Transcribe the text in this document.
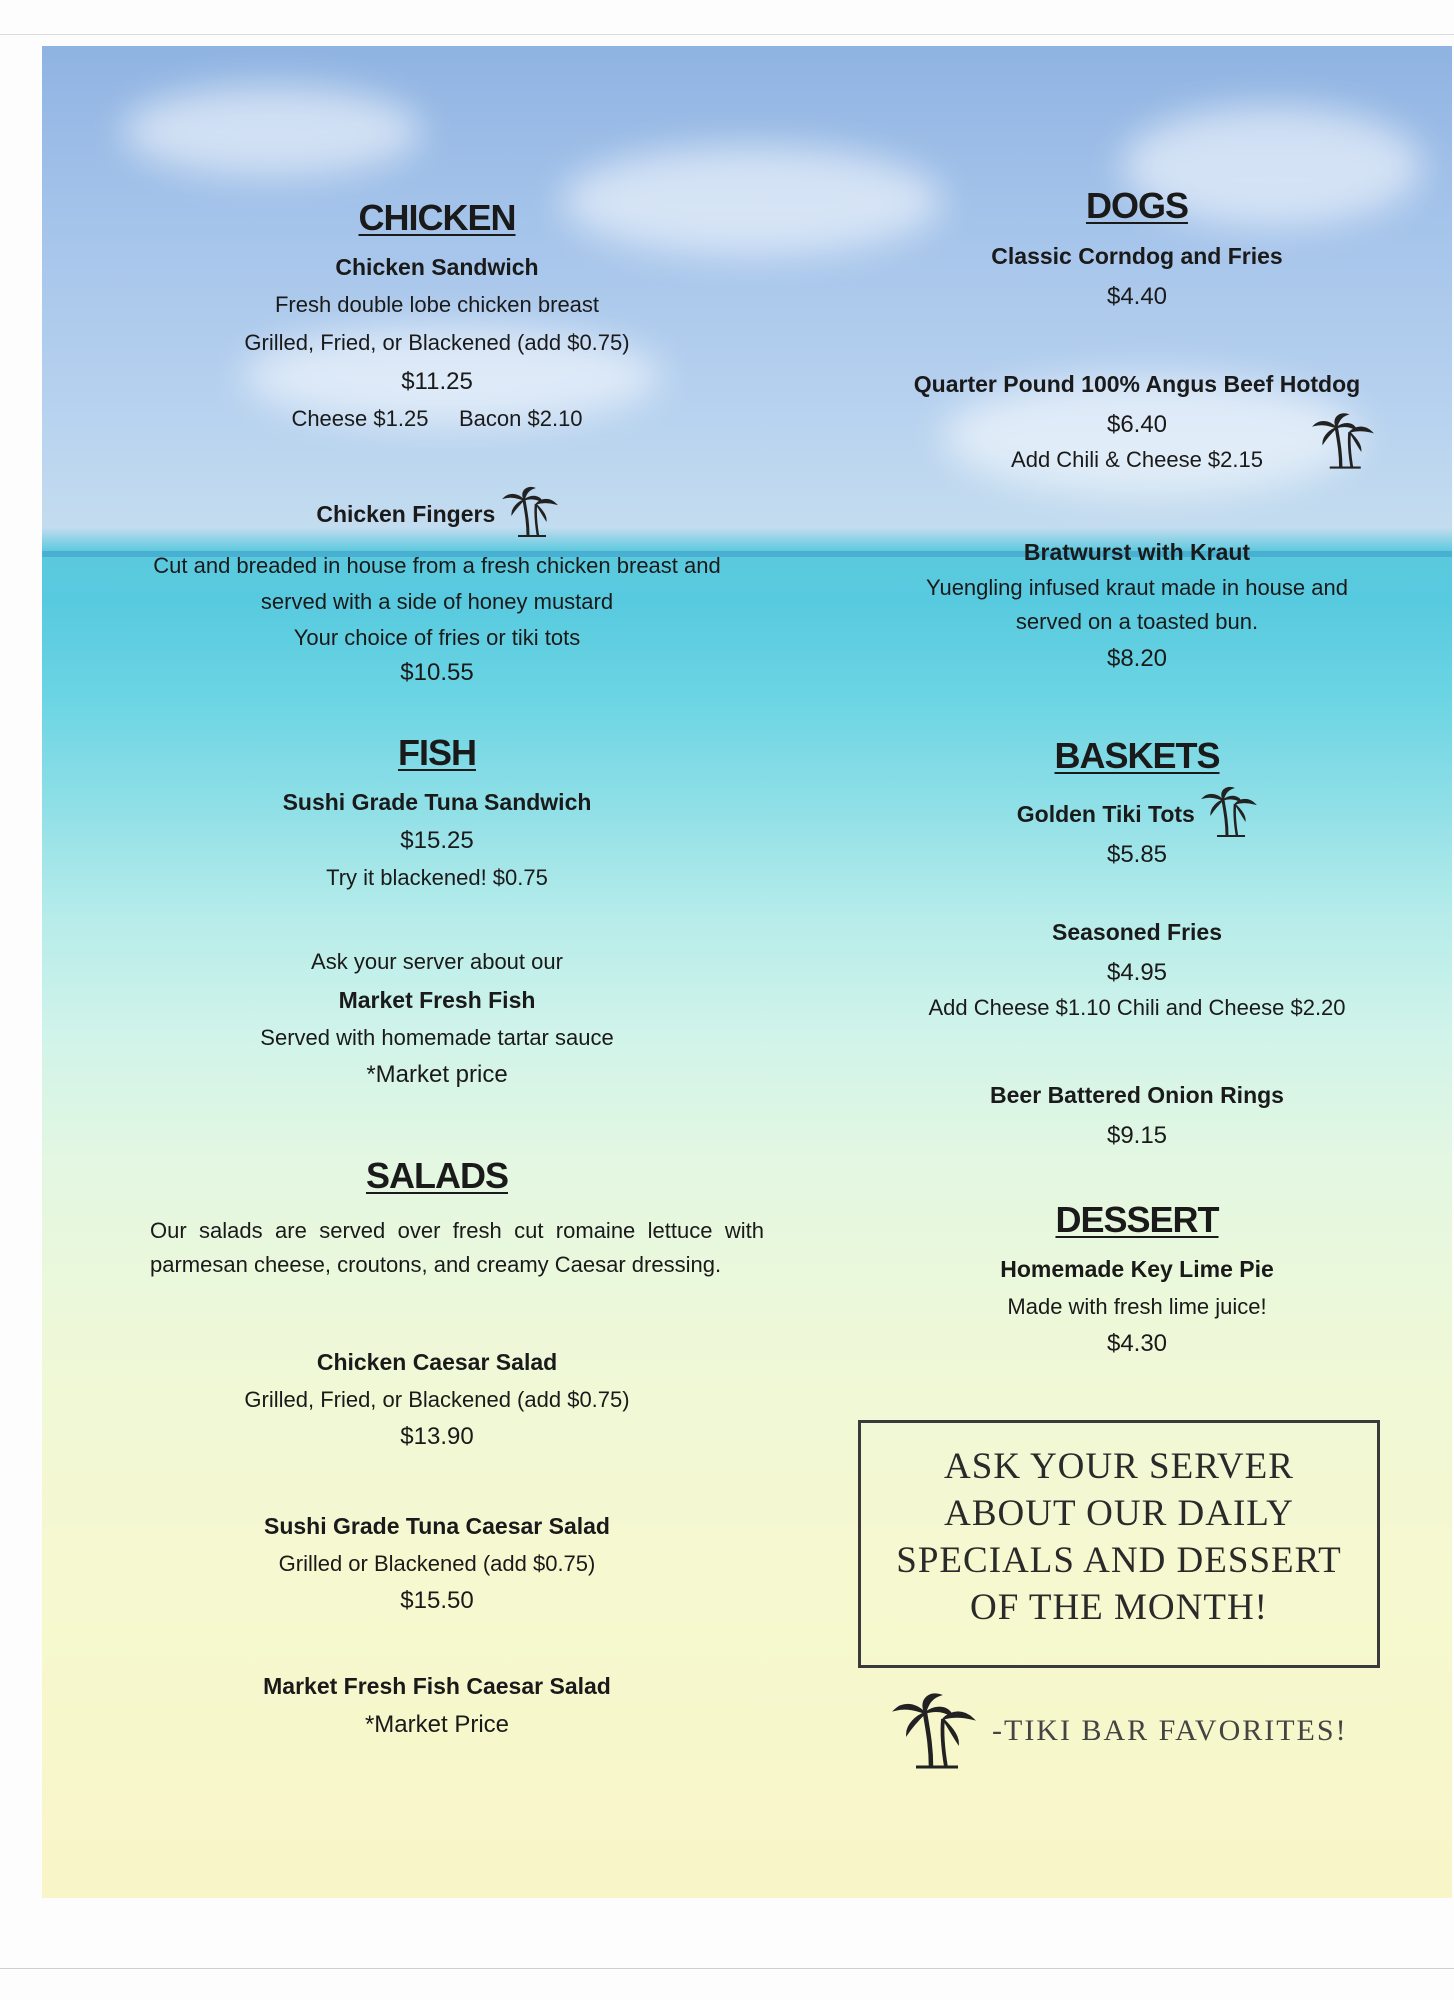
CHICKEN

Chicken Sandwich

Fresh double lobe chicken breast

Grilled, Fried, or Blackened (add $0.75)

$11.25

Cheese $1.25     Bacon $2.10

Chicken Fingers

Cut and breaded in house from a fresh chicken breast and

served with a side of honey mustard

Your choice of fries or tiki tots

$10.55

FISH

Sushi Grade Tuna Sandwich

$15.25

Try it blackened! $0.75

Ask your server about our

Market Fresh Fish

Served with homemade tartar sauce

*Market price

SALADS

Our salads are served over fresh cut romaine lettuce with parmesan cheese, croutons, and creamy Caesar dressing.

Chicken Caesar Salad

Grilled, Fried, or Blackened (add $0.75)

$13.90

Sushi Grade Tuna Caesar Salad

Grilled or Blackened (add $0.75)

$15.50

Market Fresh Fish Caesar Salad

*Market Price

DOGS

Classic Corndog and Fries

$4.40

Quarter Pound 100% Angus Beef Hotdog

$6.40

Add Chili & Cheese $2.15

Bratwurst with Kraut

Yuengling infused kraut made in house and

served on a toasted bun.

$8.20

BASKETS

Golden Tiki Tots

$5.85

Seasoned Fries

$4.95

Add Cheese $1.10 Chili and Cheese $2.20

Beer Battered Onion Rings

$9.15

DESSERT

Homemade Key Lime Pie

Made with fresh lime juice!

$4.30

ASK YOUR SERVER
ABOUT OUR DAILY
SPECIALS AND DESSERT
OF THE MONTH!
-TIKI BAR FAVORITES!
